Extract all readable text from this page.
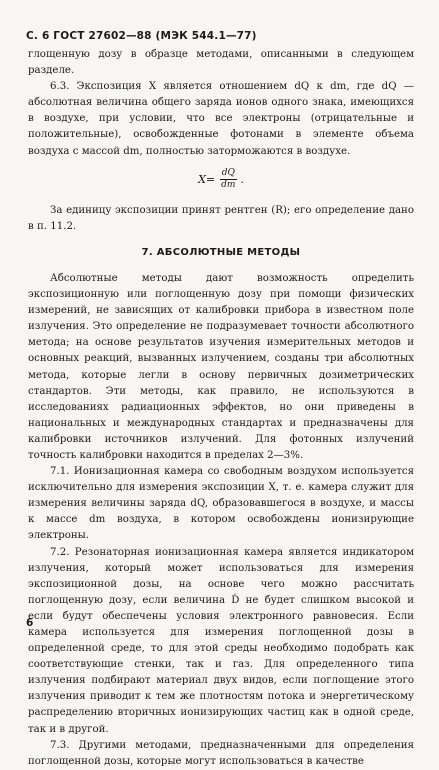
С. 6 ГОСТ 27602—88 (МЭК 544.1—77)

глощенную дозу в образце методами, описанными в следующем разделе.

6.3. Экспозиция X является отношением dQ к dm, где dQ — абсолютная величина общего заряда ионов одного знака, имеющихся в воздухе, при условии, что все электроны (отрицательные и положительные), освобожденные фотонами в элементе объема воздуха с массой dm, полностью заторможаются в воздухе.

$X = \frac{dQ}{dm}$ .

За единицу экспозиции принят рентген (R); его определение дано в п. 11.2.

7. АБСОЛЮТНЫЕ МЕТОДЫ

Абсолютные методы дают возможность определить экспозиционную или поглощенную дозу при помощи физических измерений, не зависящих от калибровки прибора в известном поле излучения. Это определение не подразумевает точности абсолютного метода; на основе результатов изучения измерительных методов и основных реакций, вызванных излучением, созданы три абсолютных метода, которые легли в основу первичных дозиметрических стандартов. Эти методы, как правило, не используются в исследованиях радиационных эффектов, но они приведены в национальных и международных стандартах и предназначены для калибровки источников излучений. Для фотонных излучений точность калибровки находится в пределах 2—3%.

7.1. Ионизационная камера со свободным воздухом используется исключительно для измерения экспозиции X, т. е. камера служит для измерения величины заряда dQ, образовавшегося в воздухе, и массы к массе dm воздуха, в котором освобождены ионизирующие электроны.

7.2. Резонаторная ионизационная камера является индикатором излучения, который может использоваться для измерения экспозиционной дозы, на основе чего можно рассчитать поглощенную дозу, если величина Ḋ не будет слишком высокой и если будут обеспечены условия электронного равновесия. Если камера используется для измерения поглощенной дозы в определенной среде, то для этой среды необходимо подобрать как соответствующие стенки, так и газ. Для определенного типа излучения подбирают материал двух видов, если поглощение этого излучения приводит к тем же плотностям потока и энергетическому распределению вторичных ионизирующих частиц как в одной среде, так и в другой.

7.3. Другими методами, предназначенными для определения поглощенной дозы, которые могут использоваться в качестве

6
